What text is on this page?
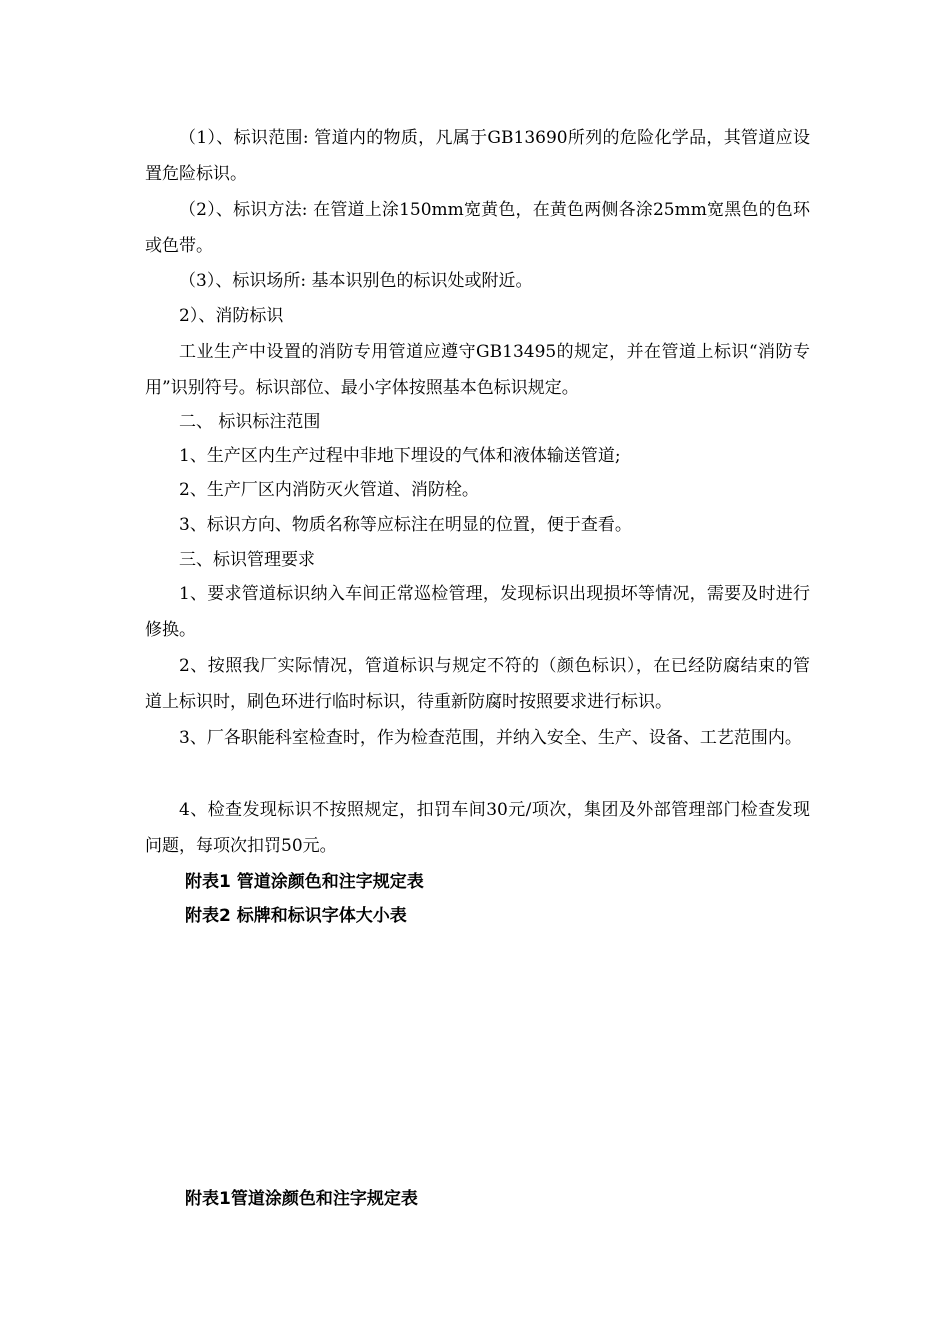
（1）、标识范围: 管道内的物质，凡属于GB13690所列的危险化学品，其管道应设置危险标识。

（2）、标识方法: 在管道上涂150mm宽黄色，在黄色两侧各涂25mm宽黑色的色环或色带。

（3）、标识场所: 基本识别色的标识处或附近。

2）、消防标识

工业生产中设置的消防专用管道应遵守GB13495的规定，并在管道上标识“消防专用”识别符号。标识部位、最小字体按照基本色标识规定。

二、 标识标注范围

1、生产区内生产过程中非地下埋设的气体和液体输送管道;

2、生产厂区内消防灭火管道、消防栓。

3、标识方向、物质名称等应标注在明显的位置，便于查看。

三、标识管理要求

1、要求管道标识纳入车间正常巡检管理，发现标识出现损坏等情况，需要及时进行修换。

2、按照我厂实际情况，管道标识与规定不符的（颜色标识），在已经防腐结束的管道上标识时，刷色环进行临时标识，待重新防腐时按照要求进行标识。

3、厂各职能科室检查时，作为检查范围，并纳入安全、生产、设备、工艺范围内。

4、检查发现标识不按照规定，扣罚车间30元/项次，集团及外部管理部门检查发现问题，每项次扣罚50元。

附表1 管道涂颜色和注字规定表

附表2 标牌和标识字体大小表

附表1管道涂颜色和注字规定表
